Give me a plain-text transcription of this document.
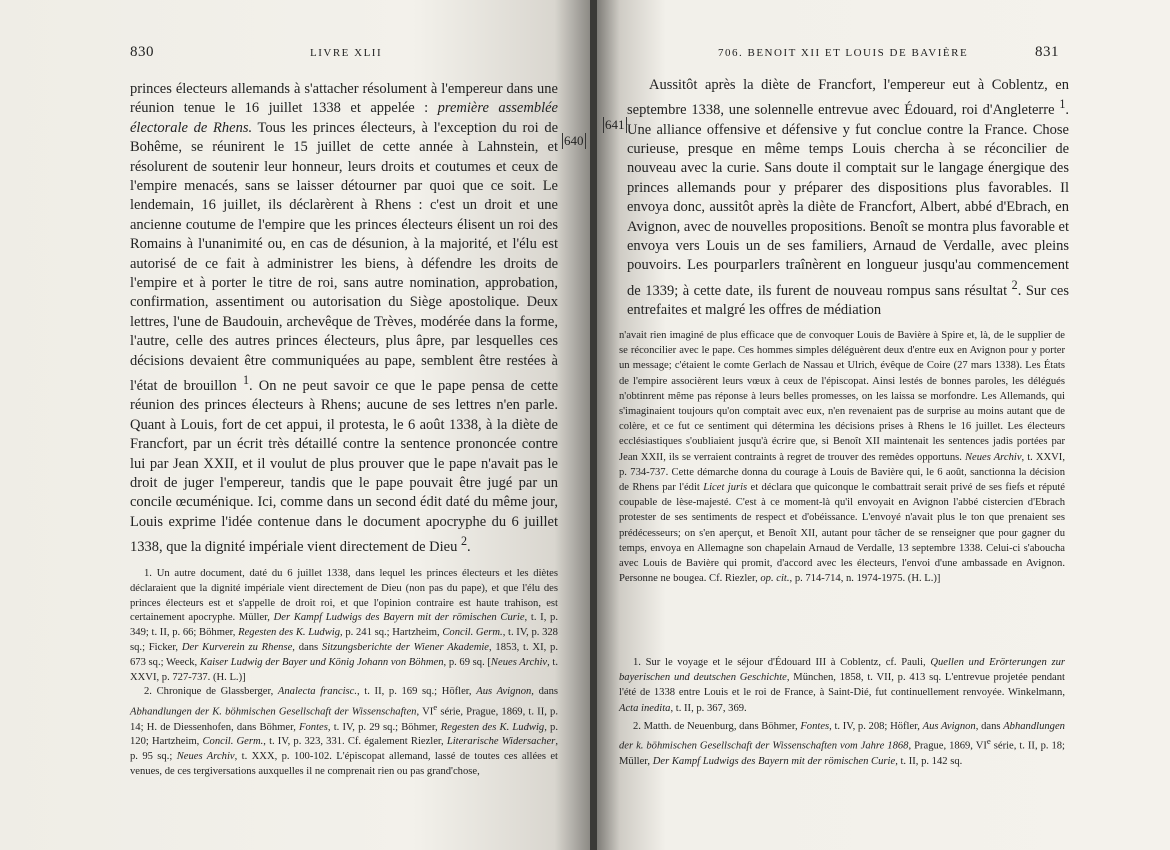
830	LIVRE XLII
640

princes électeurs allemands à s'attacher résolument à l'empereur dans une réunion tenue le 16 juillet 1338 et appelée : première assemblée électorale de Rhens. Tous les princes électeurs, à l'exception du roi de Bohême, se réunirent le 15 juillet de cette année à Lahnstein, et résolurent de soutenir leur honneur, leurs droits et coutumes et ceux de l'empire menacés, sans se laisser détourner par quoi que ce soit. Le lendemain, 16 juillet, ils déclarèrent à Rhens : c'est un droit et une ancienne coutume de l'empire que les princes électeurs élisent un roi des Romains à l'unanimité ou, en cas de désunion, à la majorité, et l'élu est autorisé de ce fait à administrer les biens, à défendre les droits de l'empire et à porter le titre de roi, sans autre nomination, approbation, confirmation, assentiment ou autorisation du Siège apostolique. Deux lettres, l'une de Baudouin, archevêque de Trèves, modérée dans la forme, l'autre, celle des autres princes électeurs, plus âpre, par lesquelles ces décisions devaient être communiquées au pape, semblent être restées à l'état de brouillon $^1$. On ne peut savoir ce que le pape pensa de cette réunion des princes électeurs à Rhens; aucune de ses lettres n'en parle. Quant à Louis, fort de cet appui, il protesta, le 6 août 1338, à la diète de Francfort, par un écrit très détaillé contre la sentence prononcée contre lui par Jean XXII, et il voulut de plus prouver que le pape n'avait pas le droit de juger l'empereur, tandis que le pape pouvait être jugé par un concile œcuménique. Ici, comme dans un second édit daté du même jour, Louis exprime l'idée contenue dans le document apocryphe du 6 juillet 1338, que la dignité impériale vient directement de Dieu $^2$.

1. Un autre document, daté du 6 juillet 1338, dans lequel les princes électeurs et les diètes déclaraient que la dignité impériale vient directement de Dieu (non pas du pape), et que l'élu des princes électeurs est et s'appelle de droit roi, et que l'opinion contraire est haute trahison, est certainement apocryphe. Müller, Der Kampf Ludwigs des Bayern mit der römischen Curie, t. I, p. 349; t. II, p. 66; Böhmer, Regesten des K. Ludwig, p. 241 sq.; Hartzheim, Concil. Germ., t. IV, p. 328 sq.; Ficker, Der Kurverein zu Rhense, dans Sitzungsberichte der Wiener Akademie, 1853, t. XI, p. 673 sq.; Weeck, Kaiser Ludwig der Bayer und König Johann von Böhmen, p. 69 sq. [Neues Archiv, t. XXVI, p. 727-737. (H. L.)]

2. Chronique de Glassberger, Analecta francisc., t. II, p. 169 sq.; Höfler, Aus Avignon, dans Abhandlungen der K. böhmischen Gesellschaft der Wissenschaften, VIe série, Prague, 1869, t. II, p. 14; H. de Diessenhofen, dans Böhmer, Fontes, t. IV, p. 29 sq.; Böhmer, Regesten des K. Ludwig, p. 120; Hartzheim, Concil. Germ., t. IV, p. 323, 331. Cf. également Riezler, Literarische Widersacher, p. 95 sq.; Neues Archiv, t. XXX, p. 100-102. L'épiscopat allemand, lassé de toutes ces allées et venues, de ces tergiversations auxquelles il ne comprenait rien ou pas grand'chose,

706. BENOIT XII ET LOUIS DE BAVIÈRE	831
641

Aussitôt après la diète de Francfort, l'empereur eut à Coblentz, en septembre 1338, une solennelle entrevue avec Édouard, roi d'Angleterre $^1$. Une alliance offensive et défensive y fut conclue contre la France. Chose curieuse, presque en même temps Louis chercha à se réconcilier de nouveau avec la curie. Sans doute il comptait sur le langage énergique des princes allemands pour y préparer des dispositions plus favorables. Il envoya donc, aussitôt après la diète de Francfort, Albert, abbé d'Ebrach, en Avignon, avec de nouvelles propositions. Benoît se montra plus favorable et envoya vers Louis un de ses familiers, Arnaud de Verdalle, avec pleins pouvoirs. Les pourparlers traînèrent en longueur jusqu'au commencement de 1339; à cette date, ils furent de nouveau rompus sans résultat $^2$. Sur ces entrefaites et malgré les offres de médiation

n'avait rien imaginé de plus efficace que de convoquer Louis de Bavière à Spire et, là, de le supplier de se réconcilier avec le pape. Ces hommes simples déléguèrent deux d'entre eux en Avignon pour y porter un message; c'étaient le comte Gerlach de Nassau et Ulrich, évêque de Coire (27 mars 1338). Les États de l'empire associèrent leurs vœux à ceux de l'épiscopat. Ainsi lestés de bonnes paroles, les délégués n'obtinrent même pas réponse à leurs belles promesses, on les laissa se morfondre. Les Allemands, qui s'imaginaient toujours qu'on comptait avec eux, n'en revenaient pas de surprise au moins autant que de colère, et ce fut ce sentiment qui détermina les décisions prises à Rhens le 16 juillet. Les électeurs ecclésiastiques s'oubliaient jusqu'à écrire que, si Benoît XII maintenait les sentences jadis portées par Jean XXII, ils se verraient contraints à regret de trouver des remèdes opportuns. Neues Archiv, t. XXVI, p. 734-737. Cette démarche donna du courage à Louis de Bavière qui, le 6 août, sanctionna la décision de Rhens par l'édit Licet juris et déclara que quiconque le combattrait serait privé de ses fiefs et réputé coupable de lèse-majesté. C'est à ce moment-là qu'il envoyait en Avignon l'abbé cistercien d'Ebrach protester de ses sentiments de respect et d'obéissance. L'envoyé n'avait plus le ton que prenaient ses prédécesseurs; on s'en aperçut, et Benoît XII, autant pour tâcher de se renseigner que pour gagner du temps, envoya en Allemagne son chapelain Arnaud de Verdalle, 13 septembre 1338. Celui-ci s'aboucha avec Louis de Bavière qui promit, d'accord avec les électeurs, l'envoi d'une ambassade en Avignon. Personne ne bougea. Cf. Riezler, op. cit., p. 714-714, n. 1974-1975. (H. L.)]

1. Sur le voyage et le séjour d'Édouard III à Coblentz, cf. Pauli, Quellen und Erörterungen zur bayerischen und deutschen Geschichte, München, 1858, t. VII, p. 413 sq. L'entrevue projetée pendant l'été de 1338 entre Louis et le roi de France, à Saint-Dié, fut continuellement renvoyée. Winkelmann, Acta inedita, t. II, p. 367, 369.

2. Matth. de Neuenburg, dans Böhmer, Fontes, t. IV, p. 208; Höfler, Aus Avignon, dans Abhandlungen der k. böhmischen Gesellschaft der Wissenschaften vom Jahre 1868, Prague, 1869, VIe série, t. II, p. 18; Müller, Der Kampf Ludwigs des Bayern mit der römischen Curie, t. II, p. 142 sq.
